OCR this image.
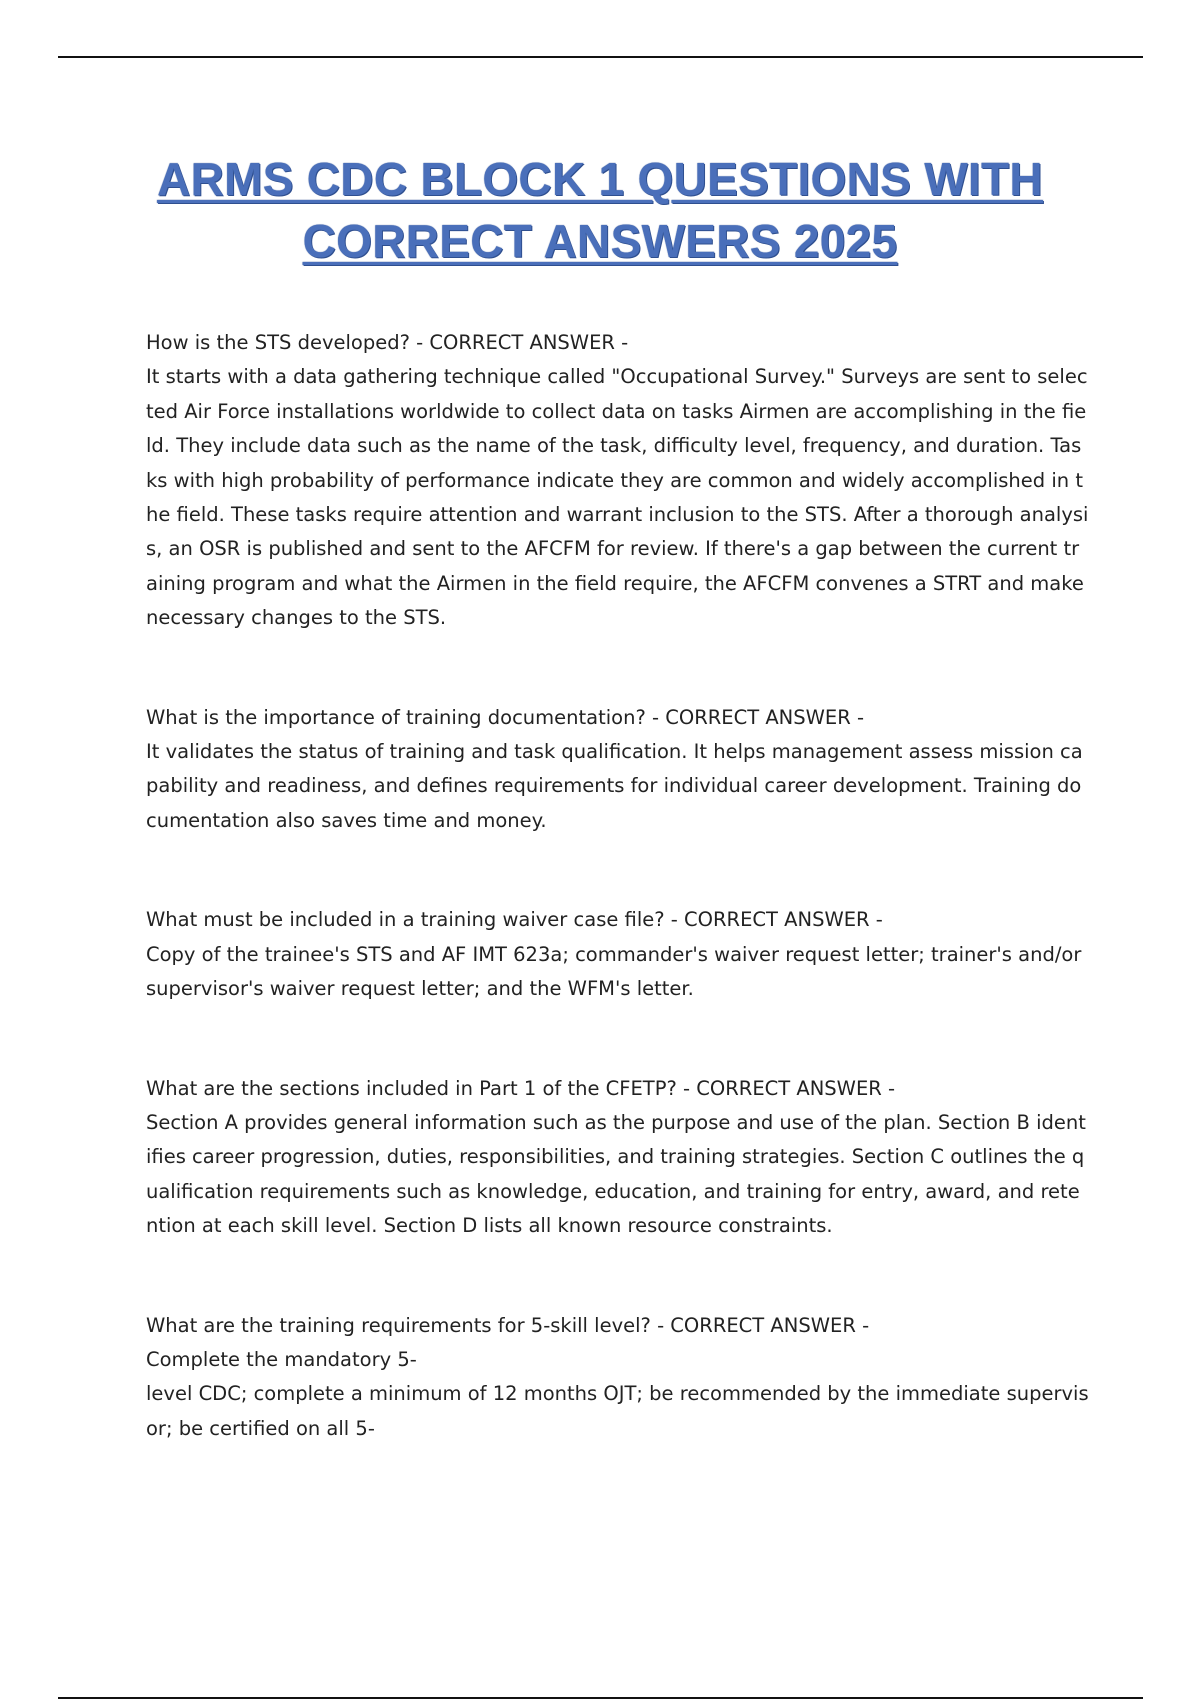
ARMS CDC BLOCK 1 QUESTIONS WITH
CORRECT ANSWERS 2025
How is the STS developed? - CORRECT ANSWER -
It starts with a data gathering technique called "Occupational Survey." Surveys are sent to selected Air Force installations worldwide to collect data on tasks Airmen are accomplishing in the field. They include data such as the name of the task, difficulty level, frequency, and duration. Tasks with high probability of performance indicate they are common and widely accomplished in the field. These tasks require attention and warrant inclusion to the STS. After a thorough analysis, an OSR is published and sent to the AFCFM for review. If there's a gap between the current training program and what the Airmen in the field require, the AFCFM convenes a STRT and make necessary changes to the STS.
What is the importance of training documentation? - CORRECT ANSWER -
It validates the status of training and task qualification. It helps management assess mission capability and readiness, and defines requirements for individual career development. Training documentation also saves time and money.
What must be included in a training waiver case file? - CORRECT ANSWER -
Copy of the trainee's STS and AF IMT 623a; commander's waiver request letter; trainer's and/or supervisor's waiver request letter; and the WFM's letter.
What are the sections included in Part 1 of the CFETP? - CORRECT ANSWER -
Section A provides general information such as the purpose and use of the plan. Section B identifies career progression, duties, responsibilities, and training strategies. Section C outlines the qualification requirements such as knowledge, education, and training for entry, award, and retention at each skill level. Section D lists all known resource constraints.
What are the training requirements for 5-skill level? - CORRECT ANSWER -
Complete the mandatory 5-
level CDC; complete a minimum of 12 months OJT; be recommended by the immediate supervisor; be certified on all 5-
